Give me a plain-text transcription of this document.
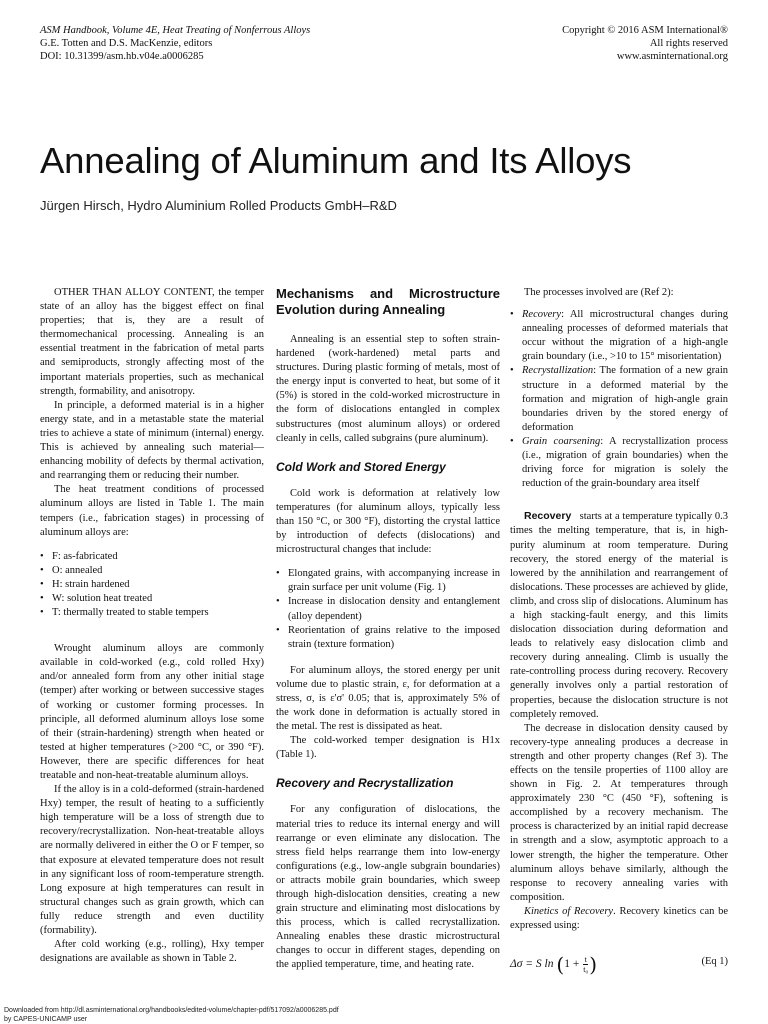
ASM Handbook, Volume 4E, Heat Treating of Nonferrous Alloys
G.E. Totten and D.S. MacKenzie, editors
DOI: 10.31399/asm.hb.v04e.a0006285
Copyright © 2016 ASM International®
All rights reserved
www.asminternational.org
Annealing of Aluminum and Its Alloys
Jürgen Hirsch, Hydro Aluminium Rolled Products GmbH–R&D

OTHER THAN ALLOY CONTENT, the temper state of an alloy has the biggest effect on final properties; that is, they are a result of thermomechanical processing. Annealing is an essential treatment in the fabrication of metal parts and semiproducts, strongly affecting most of the important materials properties, such as mechanical strength, formability, and anisotropy.

In principle, a deformed material is in a higher energy state, and in a metastable state the material tries to achieve a state of minimum (internal) energy. This is achieved by annealing such material—enhancing mobility of defects by thermal activation, and rearranging them or reducing their number.

The heat treatment conditions of processed aluminum alloys are listed in Table 1. The main tempers (i.e., fabrication stages) in processing of aluminum alloys are:

• F: as-fabricated
• O: annealed
• H: strain hardened
• W: solution heat treated
• T: thermally treated to stable tempers

Wrought aluminum alloys are commonly available in cold-worked (e.g., cold rolled Hxy) and/or annealed form from any other initial stage (temper) after working or between successive stages of working or customer forming processes. In principle, all deformed aluminum alloys lose some of their (strain-hardening) strength when heated or tested at higher temperatures (>200 °C, or 390 °F). However, there are specific differences for heat treatable and non-heat-treatable aluminum alloys.

If the alloy is in a cold-deformed (strain-hardened Hxy) temper, the result of heating to a sufficiently high temperature will be a loss of strength due to recovery/recrystallization. Non-heat-treatable alloys are normally delivered in either the O or F temper, so that exposure at elevated temperature does not result in any significant loss of room-temperature strength. Long exposure at high temperatures can result in structural changes such as grain growth, which can fully reduce strength and even ductility (formability).

After cold working (e.g., rolling), Hxy temper designations are available as shown in Table 2.

Mechanisms and Microstructure Evolution during Annealing

Annealing is an essential step to soften strain-hardened (work-hardened) metal parts and structures. During plastic forming of metals, most of the energy input is converted to heat, but some of it (5%) is stored in the cold-worked microstructure in the form of dislocations entangled in complex substructures (most aluminum alloys) or ordered cleanly in cells, called subgrains (pure aluminum).

Cold Work and Stored Energy

Cold work is deformation at relatively low temperatures (for aluminum alloys, typically less than 150 °C, or 300 °F), distorting the crystal lattice by introduction of defects (dislocations) and microstructural changes that include:

• Elongated grains, with accompanying increase in grain surface per unit volume (Fig. 1)
• Increase in dislocation density and entanglement (alloy dependent)
• Reorientation of grains relative to the imposed strain (texture formation)

For aluminum alloys, the stored energy per unit volume due to plastic strain, ε, for deformation at a stress, σ, is ε'σ' 0.05; that is, approximately 5% of the work done in deformation is actually stored in the metal. The rest is dissipated as heat.

The cold-worked temper designation is H1x (Table 1).

Recovery and Recrystallization

For any configuration of dislocations, the material tries to reduce its internal energy and will rearrange or even eliminate any dislocation. The stress field helps rearrange them into low-energy configurations (e.g., low-angle subgrain boundaries) or attracts mobile grain boundaries, which sweep through high-dislocation densities, creating a new grain structure and eliminating most dislocations by this process, which is called recrystallization. Annealing enables these drastic microstructural changes to occur in different stages, depending on the applied temperature, time, and heating rate.

The processes involved are (Ref 2):

• Recovery: All microstructural changes during annealing processes of deformed materials that occur without the migration of a high-angle grain boundary (i.e., >10 to 15° misorientation)
• Recrystallization: The formation of a new grain structure in a deformed material by the formation and migration of high-angle grain boundaries driven by the stored energy of deformation
• Grain coarsening: A recrystallization process (i.e., migration of grain boundaries) when the driving force for migration is solely the reduction of the grain-boundary area itself

Recovery starts at a temperature typically 0.3 times the melting temperature, that is, in high-purity aluminum at room temperature. During recovery, the stored energy of the material is lowered by the annihilation and rearrangement of dislocations. These processes are achieved by glide, climb, and cross slip of dislocations. Aluminum has a high stacking-fault energy, and this limits dislocation dissociation during deformation and leads to relatively easy dislocation climb and recovery during annealing. Climb is usually the rate-controlling process during recovery. Recovery generally involves only a partial restoration of properties, because the dislocation structure is not completely removed.

The decrease in dislocation density caused by recovery-type annealing produces a decrease in strength and other property changes (Ref 3). The effects on the tensile properties of 1100 alloy are shown in Fig. 2. At temperatures through approximately 230 °C (450 °F), softening is accomplished by a recovery mechanism. The process is characterized by an initial rapid decrease in strength and a slow, asymptotic approach to a lower strength, the higher the temperature. Other aluminum alloys behave similarly, although the response to recovery annealing varies with composition.

Kinetics of Recovery. Recovery kinetics can be expressed using:

Δσ = S $\ln (1 + \frac{t}{\text{t₀}}$ )	(Eq 1)
Downloaded from http://dl.asminternational.org/handbooks/edited-volume/chapter-pdf/517092/a0006285.pdf
by CAPES-UNICAMP user
